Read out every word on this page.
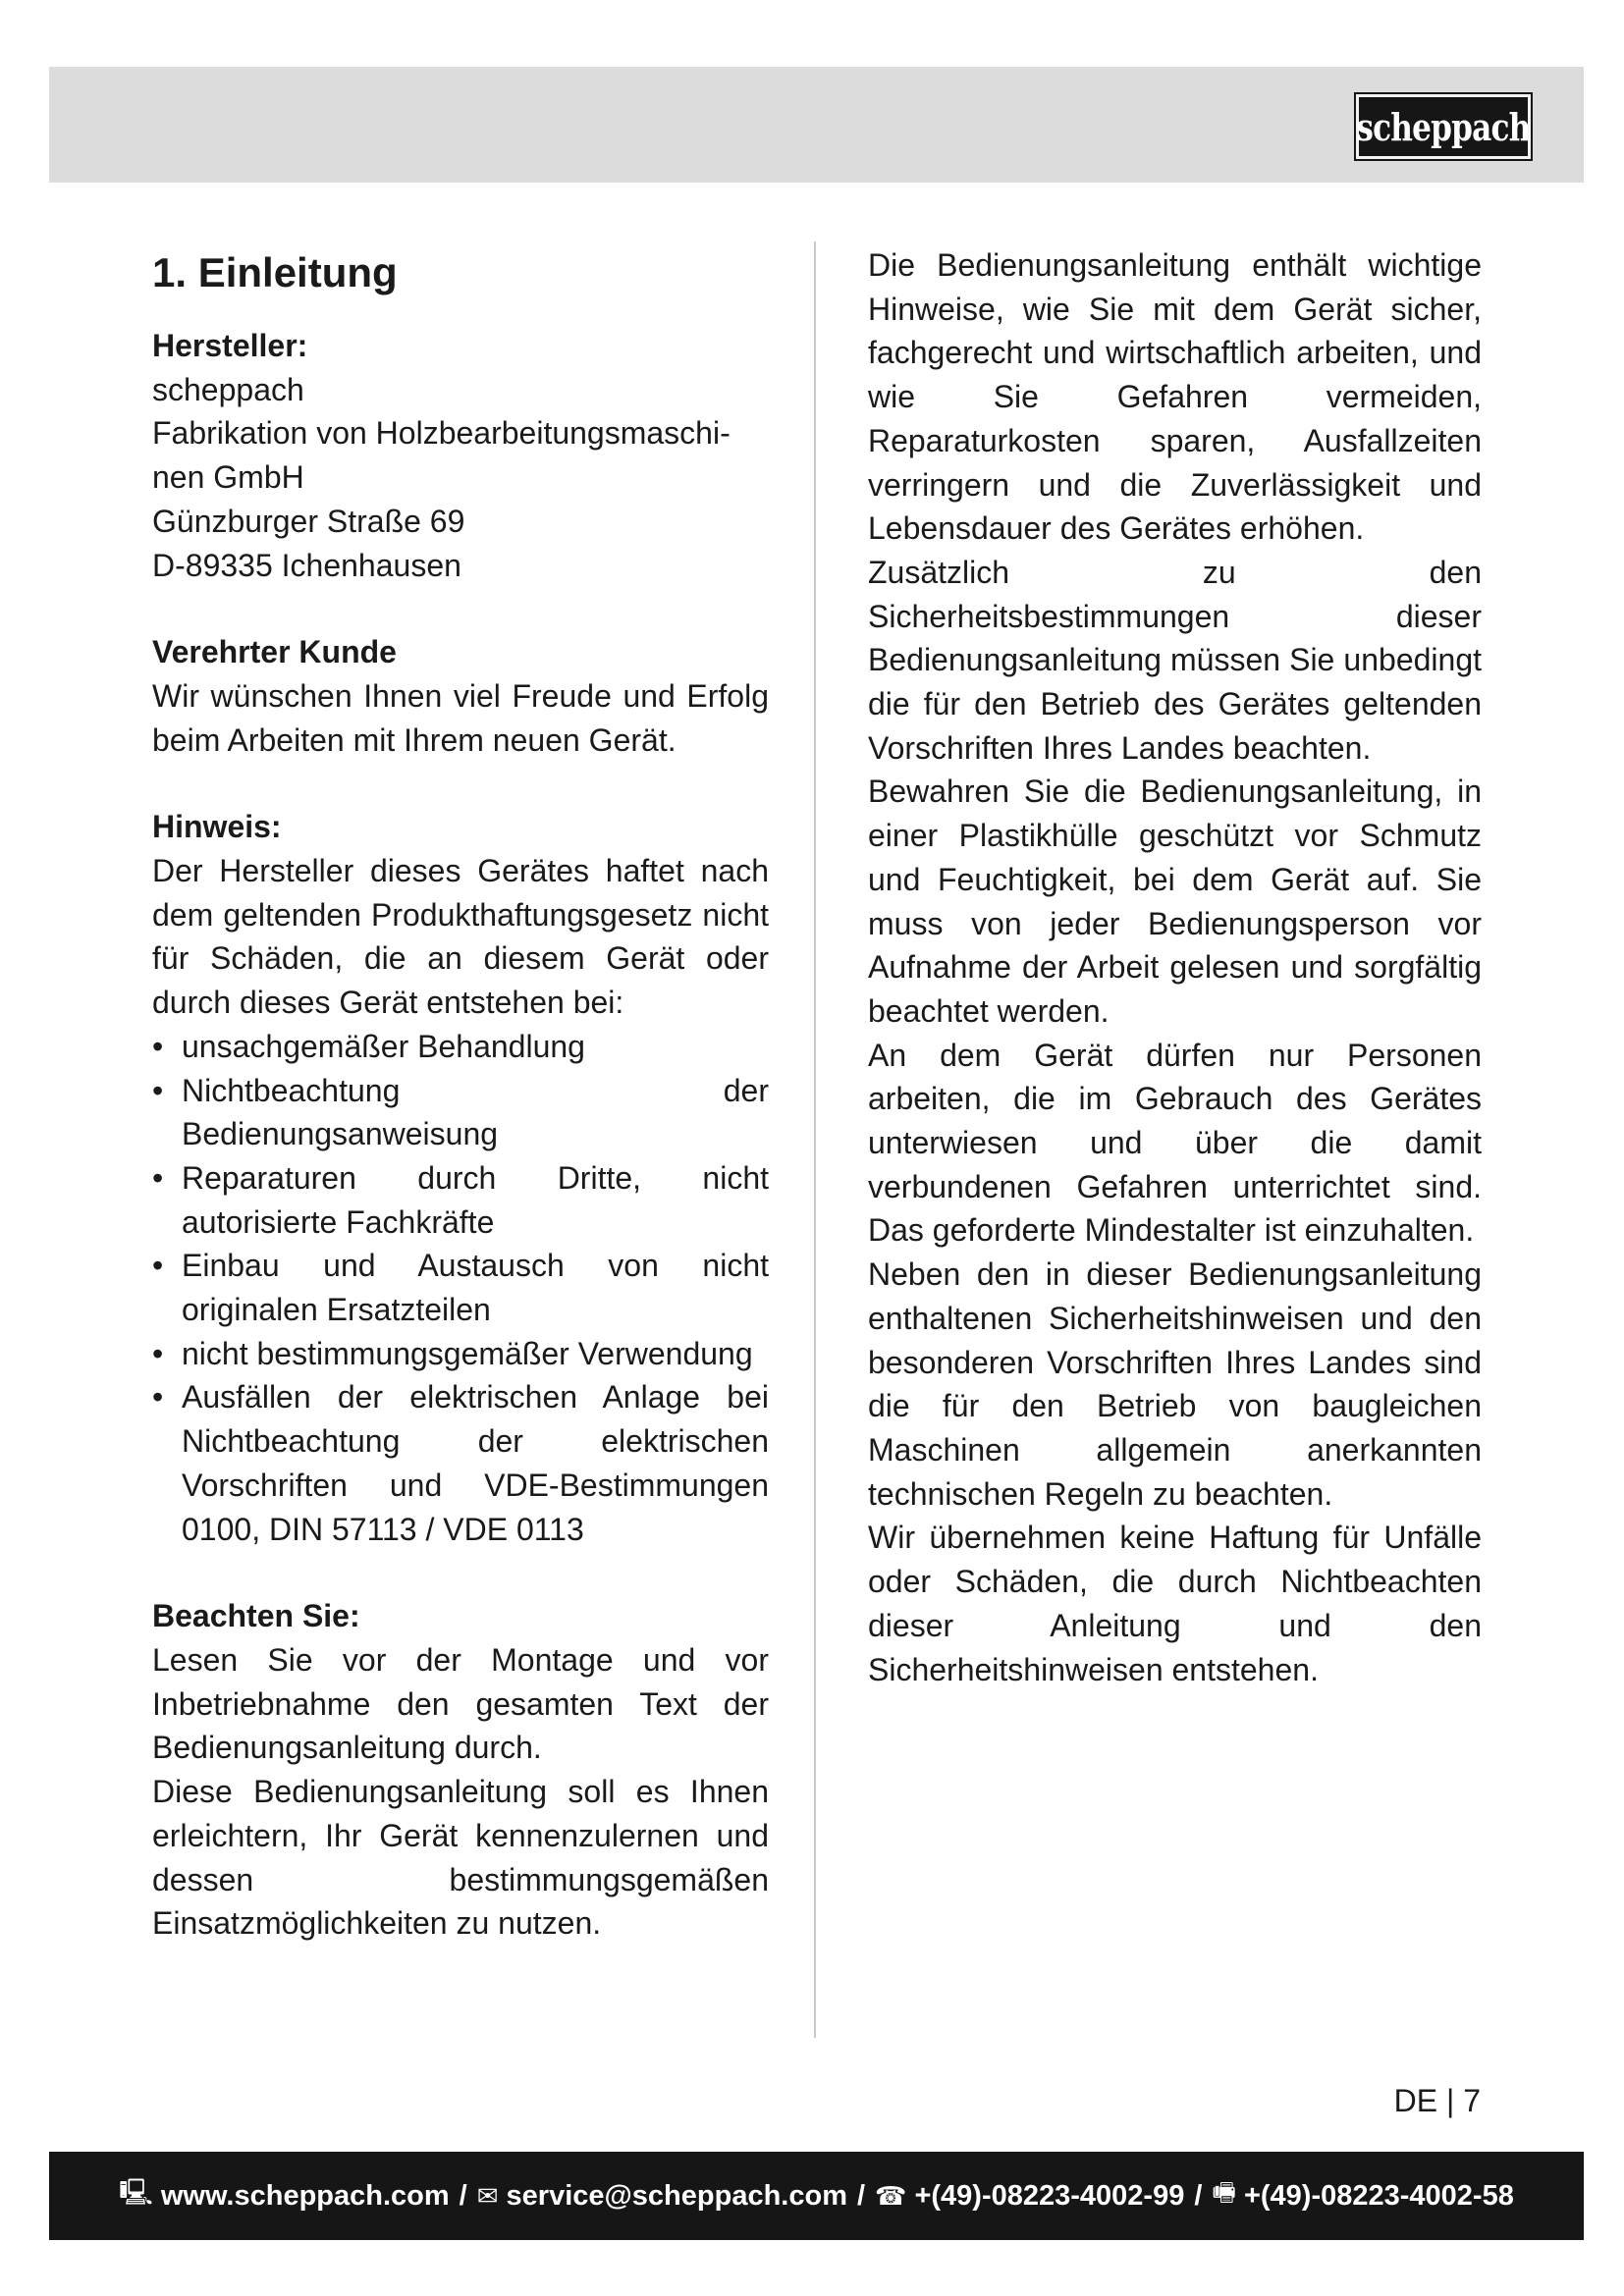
scheppach
1. Einleitung
Hersteller:
scheppach
Fabrikation von Holzbearbeitungsmaschi-
nen GmbH
Günzburger Straße 69
D-89335 Ichenhausen
Verehrter Kunde

Wir wünschen Ihnen viel Freude und Erfolg beim Arbeiten mit Ihrem neuen Gerät.

Hinweis:

Der Hersteller dieses Gerätes haftet nach dem geltenden Produkthaftungsgesetz nicht für Schäden, die an diesem Gerät oder durch dieses Gerät entstehen bei:

• unsachgemäßer Behandlung
• Nichtbeachtung der Bedienungsanweisung
• Reparaturen durch Dritte, nicht autorisierte Fachkräfte
• Einbau und Austausch von nicht originalen Ersatzteilen
• nicht bestimmungsgemäßer Verwendung
• Ausfällen der elektrischen Anlage bei Nichtbeachtung der elektrischen Vorschriften und VDE-Bestimmungen 0100, DIN 57113 / VDE 0113
Beachten Sie:

Lesen Sie vor der Montage und vor Inbetriebnahme den gesamten Text der Bedienungsanleitung durch.

Diese Bedienungsanleitung soll es Ihnen erleichtern, Ihr Gerät kennenzulernen und dessen bestimmungsgemäßen Einsatzmöglichkeiten zu nutzen.

Die Bedienungsanleitung enthält wichtige Hinweise, wie Sie mit dem Gerät sicher, fachgerecht und wirtschaftlich arbeiten, und wie Sie Gefahren vermeiden, Reparaturkosten sparen, Ausfallzeiten verringern und die Zuverlässigkeit und Lebensdauer des Gerätes erhöhen.

Zusätzlich zu den Sicherheitsbestimmungen dieser Bedienungsanleitung müssen Sie unbedingt die für den Betrieb des Gerätes geltenden Vorschriften Ihres Landes beachten.

Bewahren Sie die Bedienungsanleitung, in einer Plastikhülle geschützt vor Schmutz und Feuchtigkeit, bei dem Gerät auf. Sie muss von jeder Bedienungsperson vor Aufnahme der Arbeit gelesen und sorgfältig beachtet werden.

An dem Gerät dürfen nur Personen arbeiten, die im Gebrauch des Gerätes unterwiesen und über die damit verbundenen Gefahren unterrichtet sind. Das geforderte Mindestalter ist einzuhalten.

Neben den in dieser Bedienungsanleitung enthaltenen Sicherheitshinweisen und den besonderen Vorschriften Ihres Landes sind die für den Betrieb von baugleichen Maschinen allgemein anerkannten technischen Regeln zu beachten.

Wir übernehmen keine Haftung für Unfälle oder Schäden, die durch Nichtbeachten dieser Anleitung und den Sicherheitshinweisen entstehen.

DE | 7
🖳 www.scheppach.com / ✉ service@scheppach.com / ☎ +(49)-08223-4002-99 / 🖷 +(49)-08223-4002-58
